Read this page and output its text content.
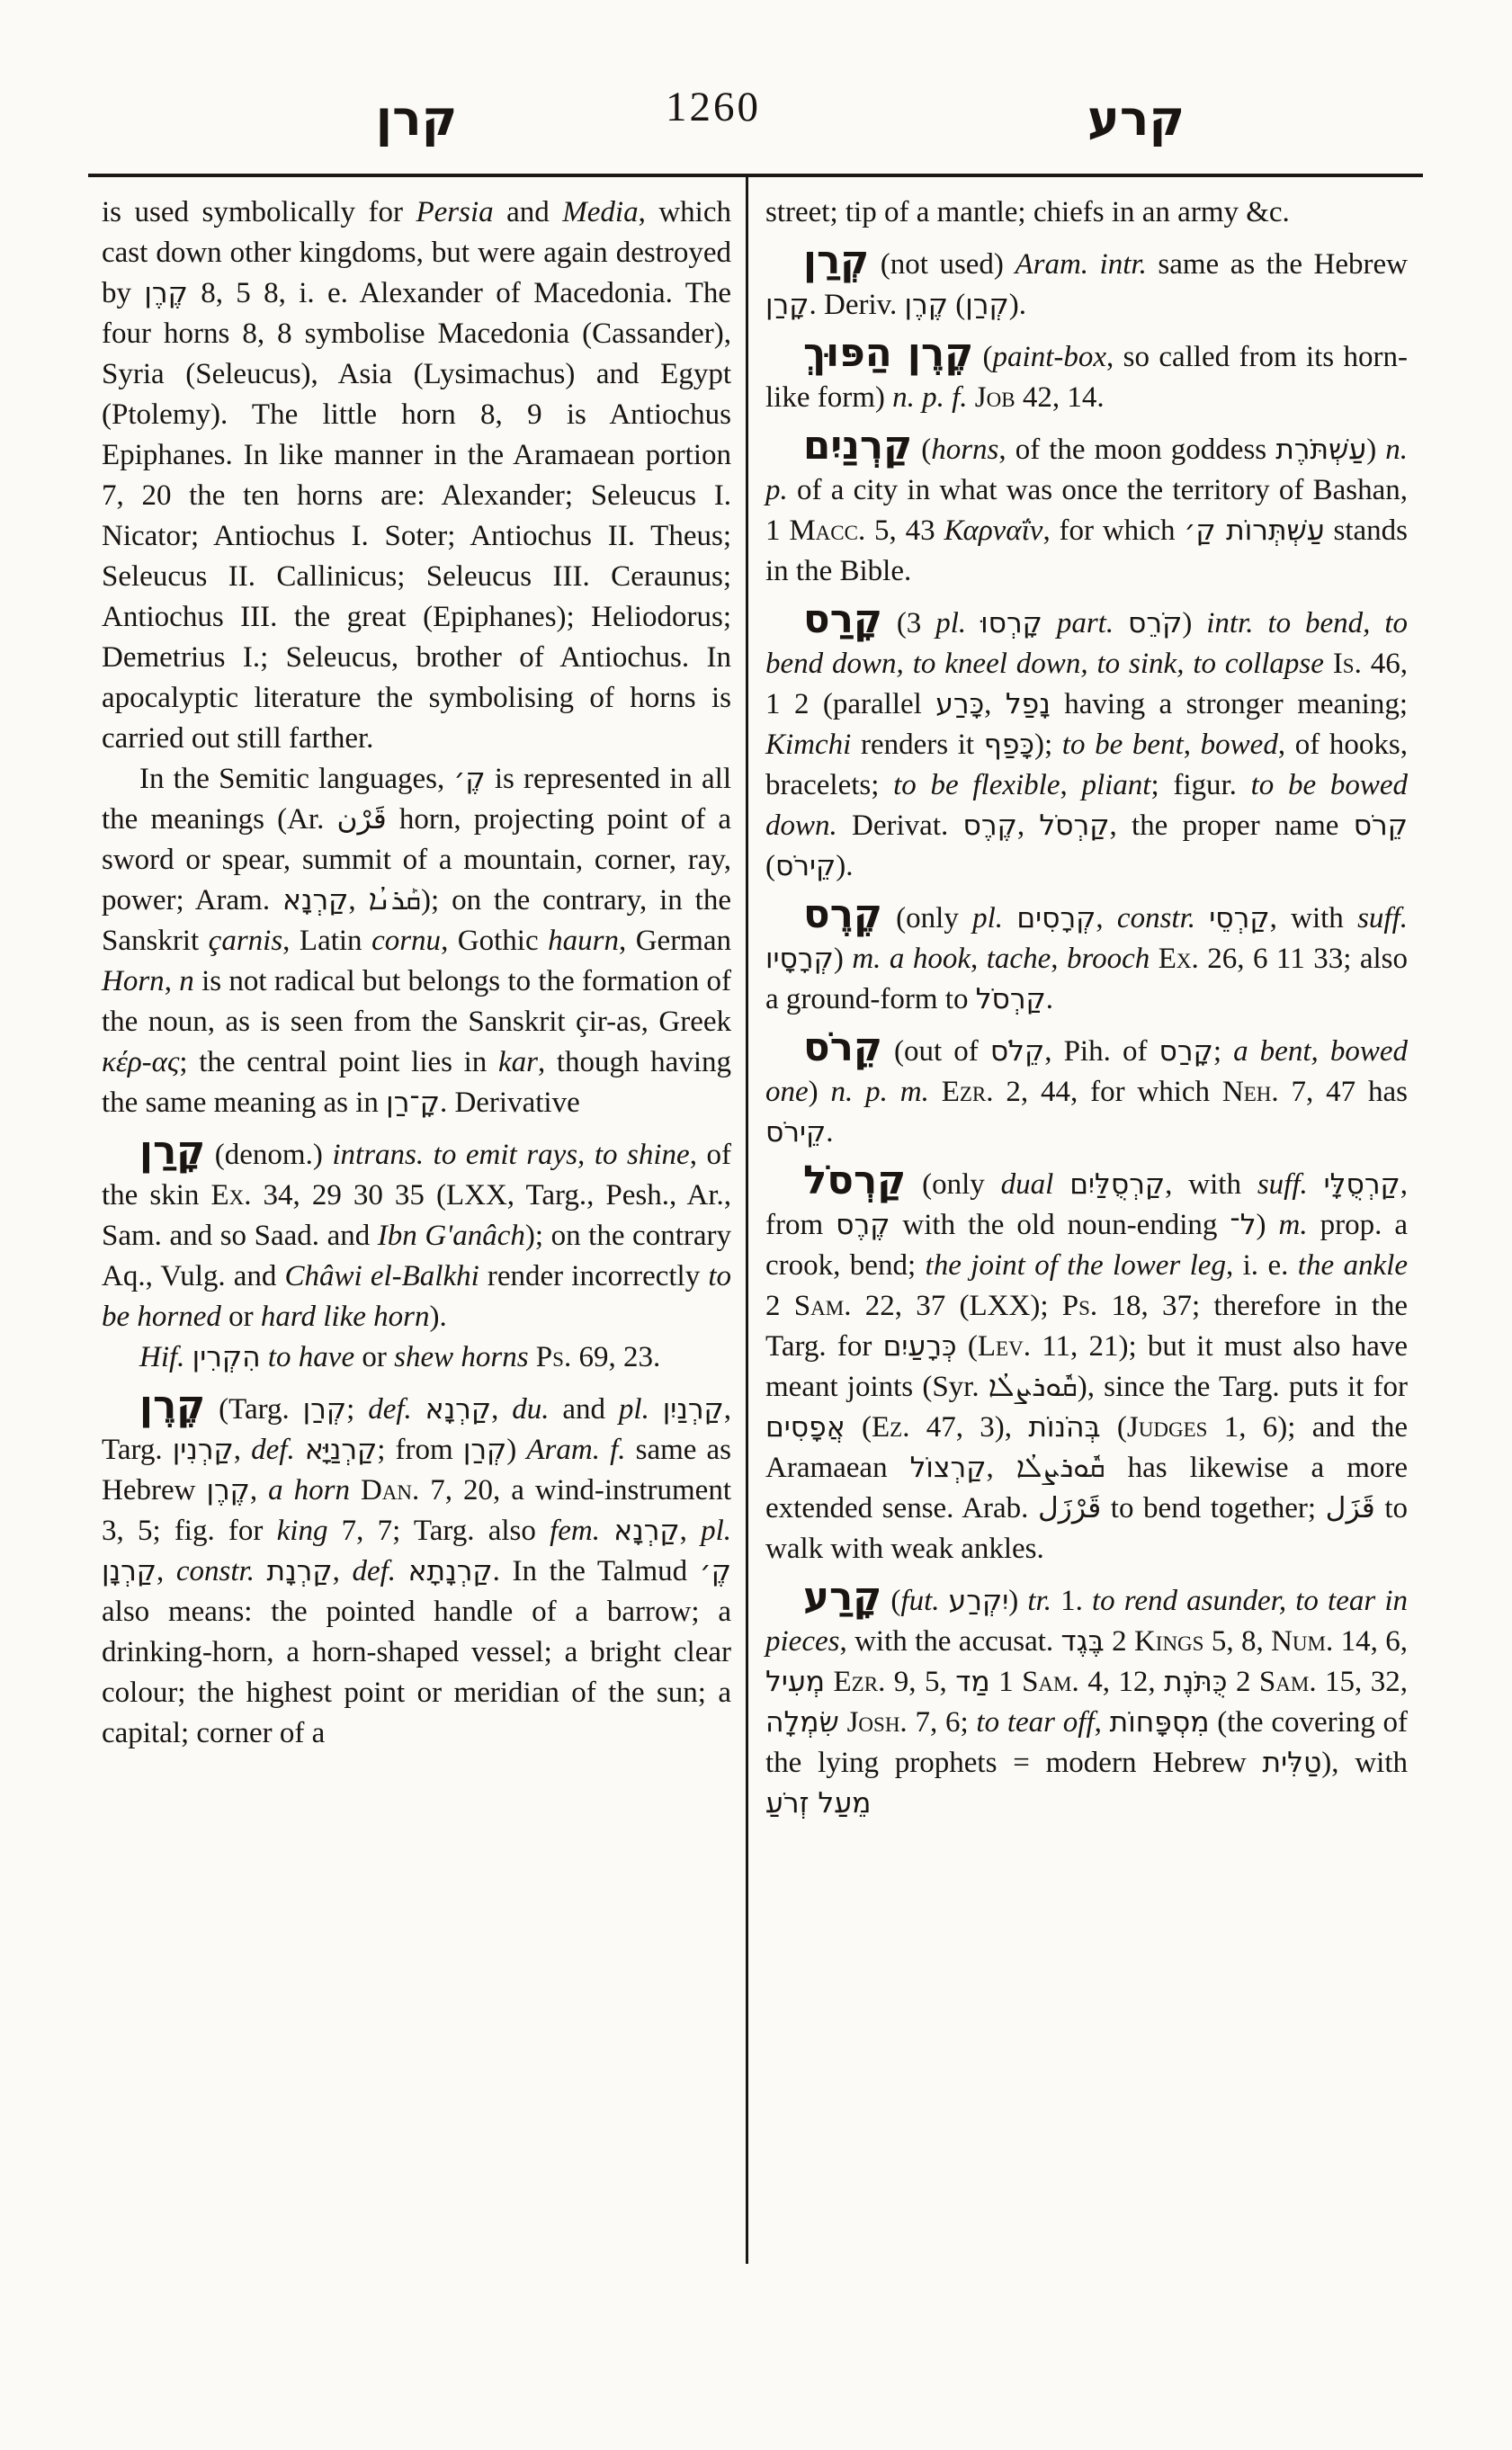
קרן	1260	קרע

is used symbolically for Persia and Media, which cast down other kingdoms, but were again destroyed by קֶרֶן 8, 5 8, i. e. Alexander of Macedonia. The four horns 8, 8 symbolise Macedonia (Cassander), Syria (Seleucus), Asia (Lysimachus) and Egypt (Ptolemy). The little horn 8, 9 is Antiochus Epiphanes. In like manner in the Aramaean portion 7, 20 the ten horns are: Alexander; Seleucus I. Nicator; Antiochus I. Soter; Antiochus II. Theus; Seleucus II. Callinicus; Seleucus III. Ceraunus; Antiochus III. the great (Epiphanes); Heliodorus; Demetrius I.; Seleucus, brother of Antiochus. In apocalyptic literature the symbolising of horns is carried out still farther.

In the Semitic languages, קֶ׳ is represented in all the meanings (Ar. قَرْن horn, projecting point of a sword or spear, summit of a mountain, corner, ray, power; Aram. קַרְנָא, ܩܰܪܢܳܐ); on the contrary, in the Sanskrit çarnis, Latin cornu, Gothic haurn, German Horn, n is not radical but belongs to the formation of the noun, as is seen from the Sanskrit çir-as, Greek κέρ-ας; the central point lies in kar, though having the same meaning as in קָ־רַן. Derivative

קָרַן (denom.) intrans. to emit rays, to shine, of the skin Ex. 34, 29 30 35 (LXX, Targ., Pesh., Ar., Sam. and so Saad. and Ibn G'anâch); on the contrary Aq., Vulg. and Châwi el-Balkhi render incorrectly to be horned or hard like horn).

Hif. הִקְרִין to have or shew horns Ps. 69, 23.

קֶרֶן (Targ. קְרַן; def. קַרְנָא, du. and pl. קַרְנַיִן, Targ. קַרְנִין, def. קַרְנַיָּא; from קְרַן) Aram. f. same as Hebrew קֶרֶן, a horn Dan. 7, 20, a wind-instrument 3, 5; fig. for king 7, 7; Targ. also fem. קַרְנָא, pl. קַרְנָן, constr. קַרְנָת, def. קַרְנָתָא. In the Talmud קֶ׳ also means: the pointed handle of a barrow; a drinking-horn, a horn-shaped vessel; a bright clear colour; the highest point or meridian of the sun; a capital; corner of a

street; tip of a mantle; chiefs in an army &c.

קְרַן (not used) Aram. intr. same as the Hebrew קָרַן. Deriv. קֶרֶן (קְרַן).

קֶרֶן הַפּוּךְ (paint-box, so called from its horn-like form) n. p. f. Job 42, 14.

קַרְנַיִם (horns, of the moon goddess עַשְׁתֹּרֶת) n. p. of a city in what was once the territory of Bashan, 1 Macc. 5, 43 Καρναΐν, for which עַשְׁתְּרוֹת קַ׳ stands in the Bible.

קָרַס (3 pl. קָרְסוּ part. קֹרֵס) intr. to bend, to bend down, to kneel down, to sink, to collapse Is. 46, 1 2 (parallel כָּרַע, נָפַל having a stronger meaning; Kimchi renders it כָּפַף); to be bent, bowed, of hooks, bracelets; to be flexible, pliant; figur. to be bowed down. Derivat. קֶרֶס, קַרְסֹל, the proper name קֵרֹס (קֵירֹס).

קֶרֶס (only pl. קְרָסִים, constr. קַרְסֵי, with suff. קְרָסָיו) m. a hook, tache, brooch Ex. 26, 6 11 33; also a ground-form to קַרְסֹל.

קֵרֹס (out of קֵלֹס, Pih. of קָרַס; a bent, bowed one) n. p. m. Ezr. 2, 44, for which Neh. 7, 47 has קֵירֹס.

קַרְסֹל (only dual קַרְסֻלַּיִם, with suff. קַרְסֻלָּי, from קֶרֶס with the old noun-ending ל־) m. prop. a crook, bend; the joint of the lower leg, i. e. the ankle 2 Sam. 22, 37 (LXX); Ps. 18, 37; therefore in the Targ. for כְּרָעַיִם (Lev. 11, 21); but it must also have meant joints (Syr. ܩܽܘܪܨܠܳܐ), since the Targ. puts it for אֲפָסִים (Ez. 47, 3), בְּהֹנוֹת (Judges 1, 6); and the Aramaean קַרְצוֹל, ܩܽܘܪܨܠܳܐ has likewise a more extended sense. Arab. قَرْزَل to bend together; قَزَل to walk with weak ankles.

קָרַע (fut. יִקְרַע) tr. 1. to rend asunder, to tear in pieces, with the accusat. בֶּגֶד 2 Kings 5, 8, Num. 14, 6, מְעִיל Ezr. 9, 5, מַד 1 Sam. 4, 12, כֻּתֹּנֶת 2 Sam. 15, 32, שִׂמְלָה Josh. 7, 6; to tear off, מִסְפָּחוֹת (the covering of the lying prophets = modern Hebrew טַלִּית), with מֵעַל זְרֹעַ
